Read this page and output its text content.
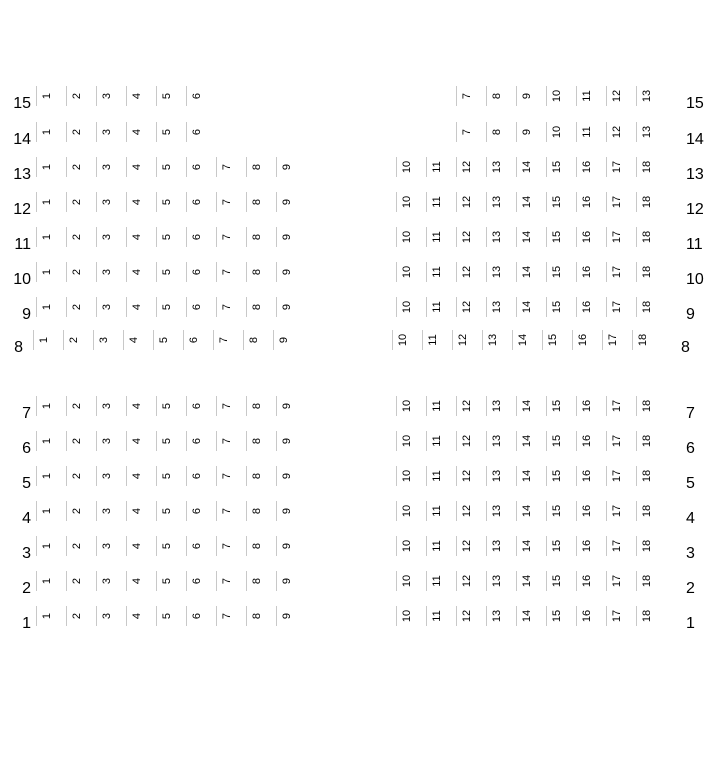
15	15
1 2 3 4 5 6	7 8 9 10 11 12 13
14	14
1 2 3 4 5 6	7 8 9 10 11 12 13
13	13
1 2 3 4 5 6 7 8 9	10 11 12 13 14 15 16 17 18
12	12
1 2 3 4 5 6 7 8 9	10 11 12 13 14 15 16 17 18
11	11
1 2 3 4 5 6 7 8 9	10 11 12 13 14 15 16 17 18
10	10
1 2 3 4 5 6 7 8 9	10 11 12 13 14 15 16 17 18
9	9
1 2 3 4 5 6 7 8 9	10 11 12 13 14 15 16 17 18
8	8
1 2 3 4 5 6 7 8 9	10 11 12 13 14 15 16 17 18
7	7
1 2 3 4 5 6 7 8 9	10 11 12 13 14 15 16 17 18
6	6
1 2 3 4 5 6 7 8 9	10 11 12 13 14 15 16 17 18
5	5
1 2 3 4 5 6 7 8 9	10 11 12 13 14 15 16 17 18
4	4
1 2 3 4 5 6 7 8 9	10 11 12 13 14 15 16 17 18
3	3
1 2 3 4 5 6 7 8 9	10 11 12 13 14 15 16 17 18
2	2
1 2 3 4 5 6 7 8 9	10 11 12 13 14 15 16 17 18
1	1
1 2 3 4 5 6 7 8 9	10 11 12 13 14 15 16 17 18
